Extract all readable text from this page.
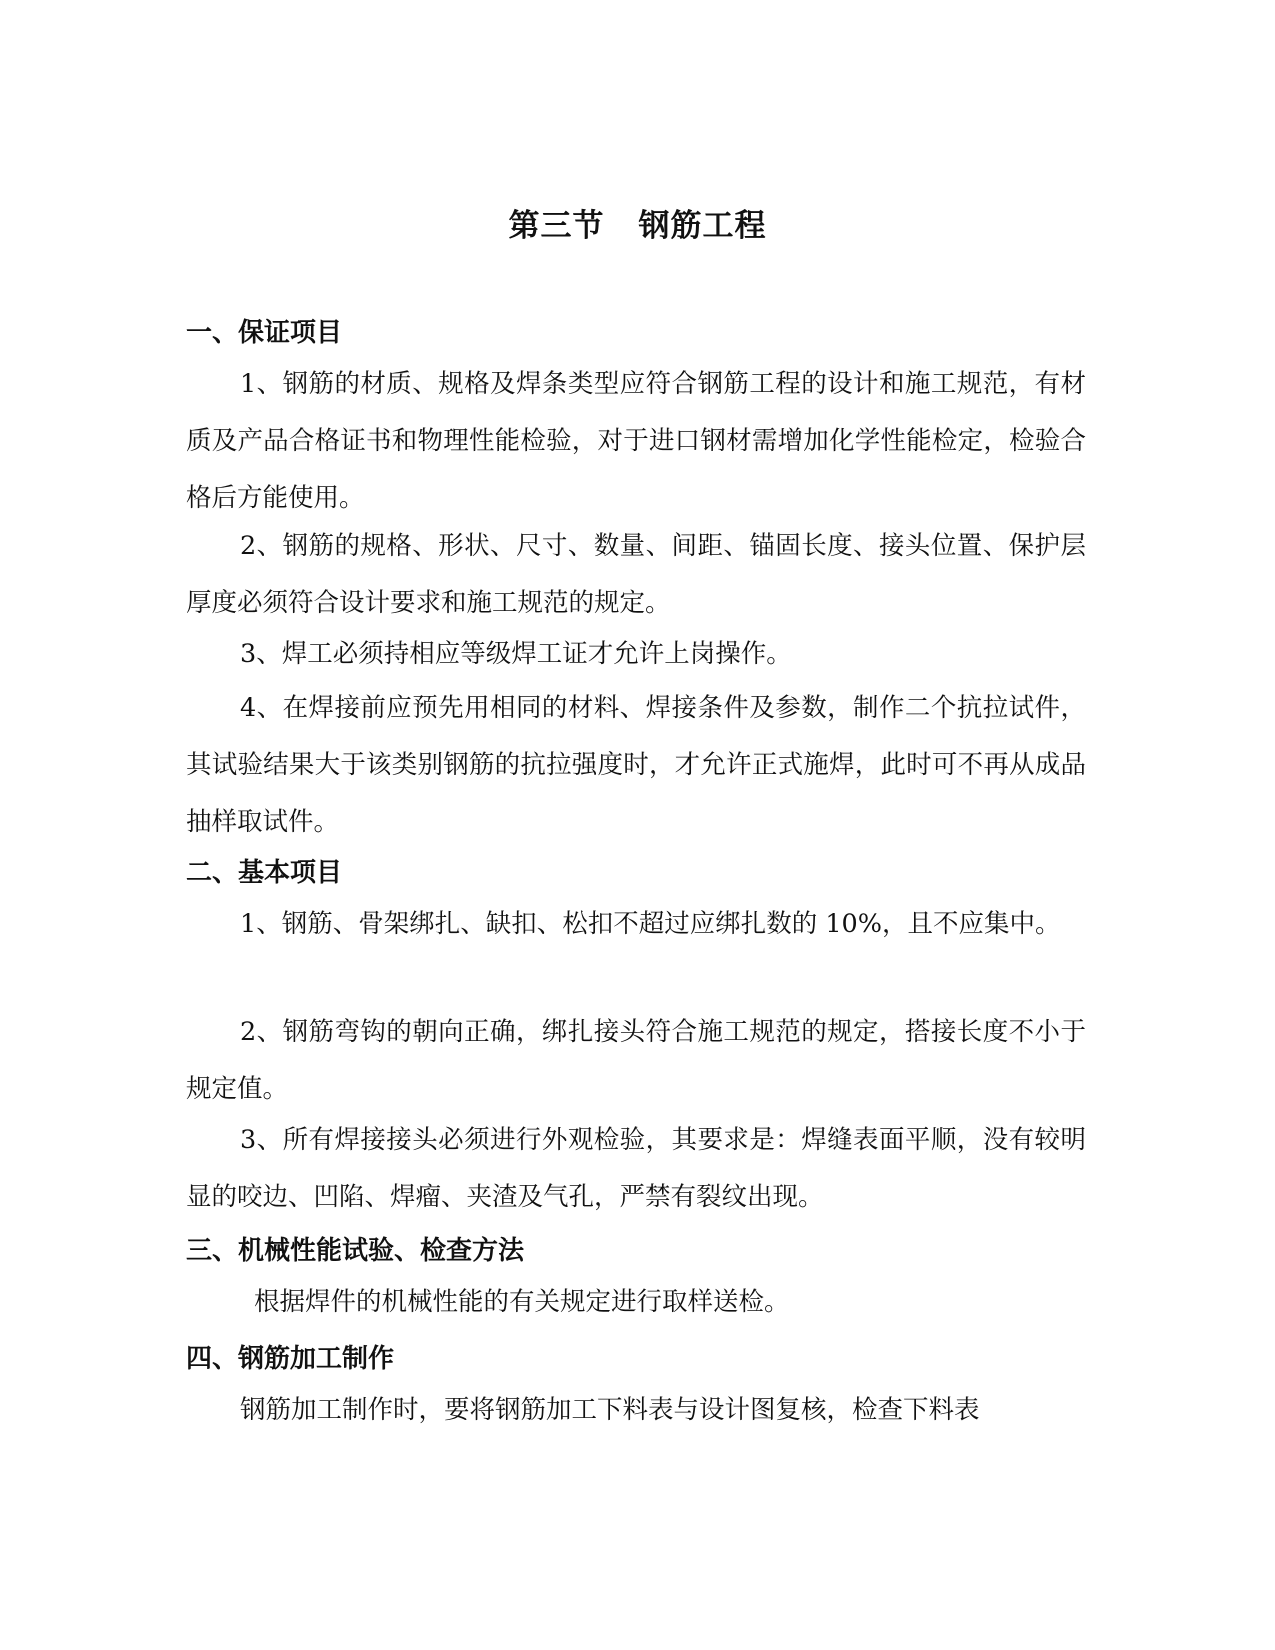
第三节 钢筋工程
一、保证项目

1、钢筋的材质、规格及焊条类型应符合钢筋工程的设计和施工规范，有材质及产品合格证书和物理性能检验，对于进口钢材需增加化学性能检定，检验合格后方能使用。

2、钢筋的规格、形状、尺寸、数量、间距、锚固长度、接头位置、保护层厚度必须符合设计要求和施工规范的规定。

3、焊工必须持相应等级焊工证才允许上岗操作。

4、在焊接前应预先用相同的材料、焊接条件及参数，制作二个抗拉试件，其试验结果大于该类别钢筋的抗拉强度时，才允许正式施焊，此时可不再从成品抽样取试件。

二、基本项目

1、钢筋、骨架绑扎、缺扣、松扣不超过应绑扎数的 10%，且不应集中。

2、钢筋弯钩的朝向正确，绑扎接头符合施工规范的规定，搭接长度不小于规定值。

3、所有焊接接头必须进行外观检验，其要求是：焊缝表面平顺，没有较明显的咬边、凹陷、焊瘤、夹渣及气孔，严禁有裂纹出现。

三、机械性能试验、检查方法

根据焊件的机械性能的有关规定进行取样送检。

四、钢筋加工制作

钢筋加工制作时，要将钢筋加工下料表与设计图复核，检查下料表
